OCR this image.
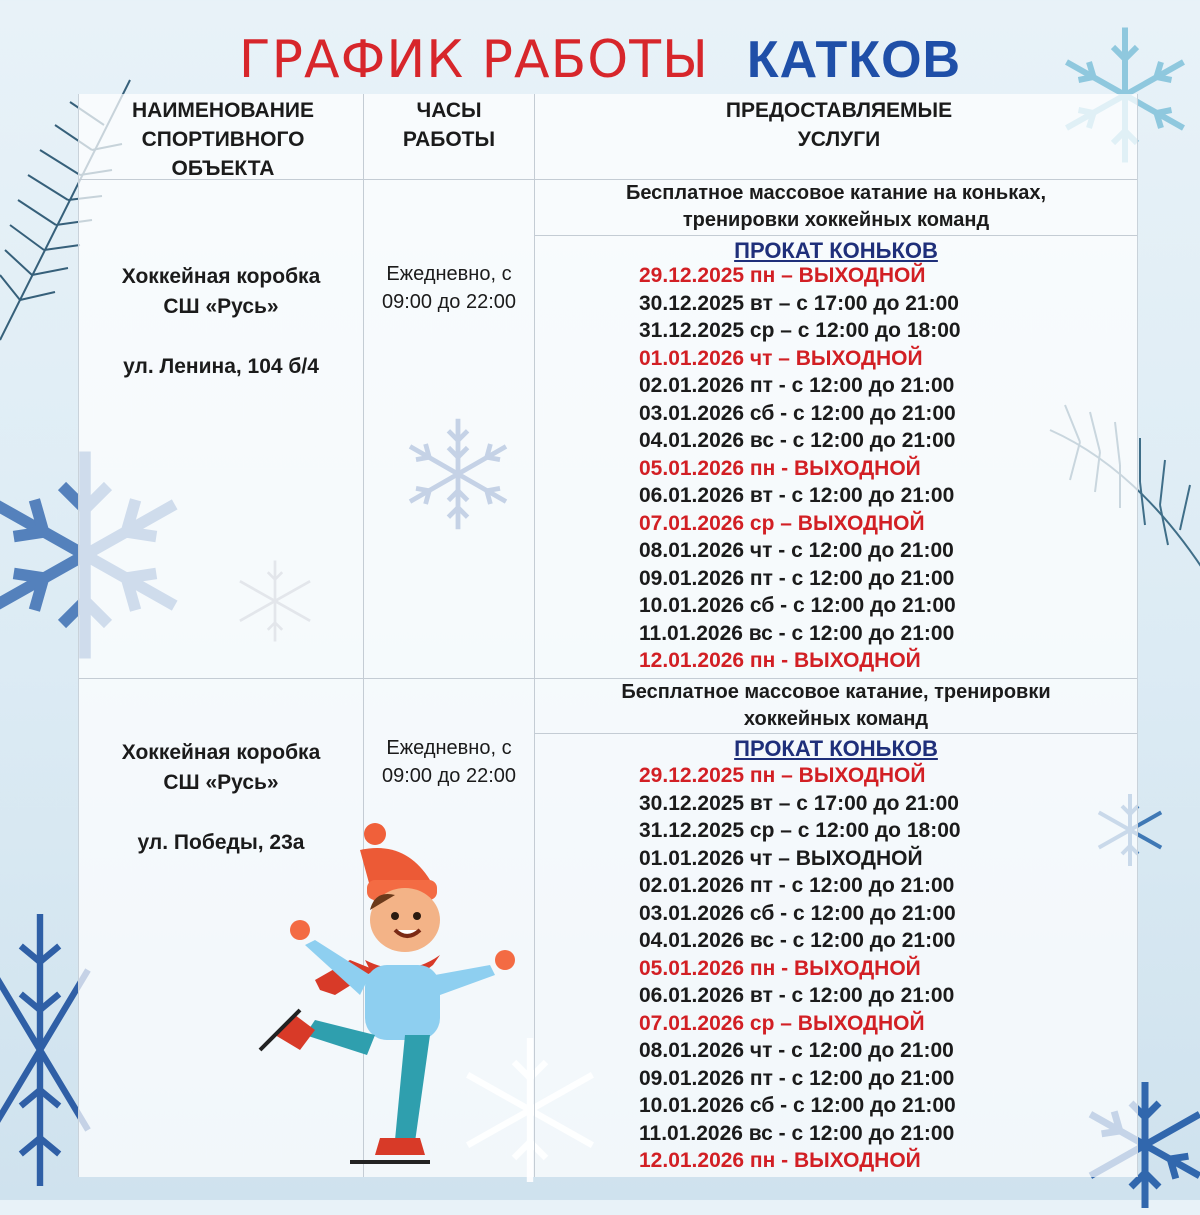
ГРАФИК РАБОТЫ КАТКОВ
НАИМЕНОВАНИЕ СПОРТИВНОГО ОБЪЕКТА
ЧАСЫ РАБОТЫ
ПРЕДОСТАВЛЯЕМЫЕ УСЛУГИ
Хоккейная коробка СШ «Русь»
ул. Ленина, 104 б/4
Ежедневно, с 09:00 до 22:00
Бесплатное массовое катание на коньках, тренировки хоккейных команд
ПРОКАТ КОНЬКОВ
29.12.2025 пн – ВЫХОДНОЙ
30.12.2025 вт – с 17:00 до 21:00
31.12.2025 ср – с 12:00 до 18:00
01.01.2026 чт – ВЫХОДНОЙ
02.01.2026 пт - с 12:00 до 21:00
03.01.2026 сб - с 12:00 до 21:00
04.01.2026 вс - с 12:00 до 21:00
05.01.2026 пн - ВЫХОДНОЙ
06.01.2026 вт - с 12:00 до 21:00
07.01.2026 ср – ВЫХОДНОЙ
08.01.2026 чт - с 12:00 до 21:00
09.01.2026 пт - с 12:00 до 21:00
10.01.2026 сб - с 12:00 до 21:00
11.01.2026 вс - с 12:00 до 21:00
12.01.2026 пн - ВЫХОДНОЙ
Хоккейная коробка СШ «Русь»
ул. Победы, 23а
Ежедневно, с 09:00 до 22:00
Бесплатное массовое катание, тренировки хоккейных команд
ПРОКАТ КОНЬКОВ
29.12.2025 пн – ВЫХОДНОЙ
30.12.2025 вт – с 17:00 до 21:00
31.12.2025 ср – с 12:00 до 18:00
01.01.2026 чт – ВЫХОДНОЙ
02.01.2026 пт - с 12:00 до 21:00
03.01.2026 сб - с 12:00 до 21:00
04.01.2026 вс - с 12:00 до 21:00
05.01.2026 пн - ВЫХОДНОЙ
06.01.2026 вт - с 12:00 до 21:00
07.01.2026 ср – ВЫХОДНОЙ
08.01.2026 чт - с 12:00 до 21:00
09.01.2026 пт - с 12:00 до 21:00
10.01.2026 сб - с 12:00 до 21:00
11.01.2026 вс - с 12:00 до 21:00
12.01.2026 пн - ВЫХОДНОЙ
